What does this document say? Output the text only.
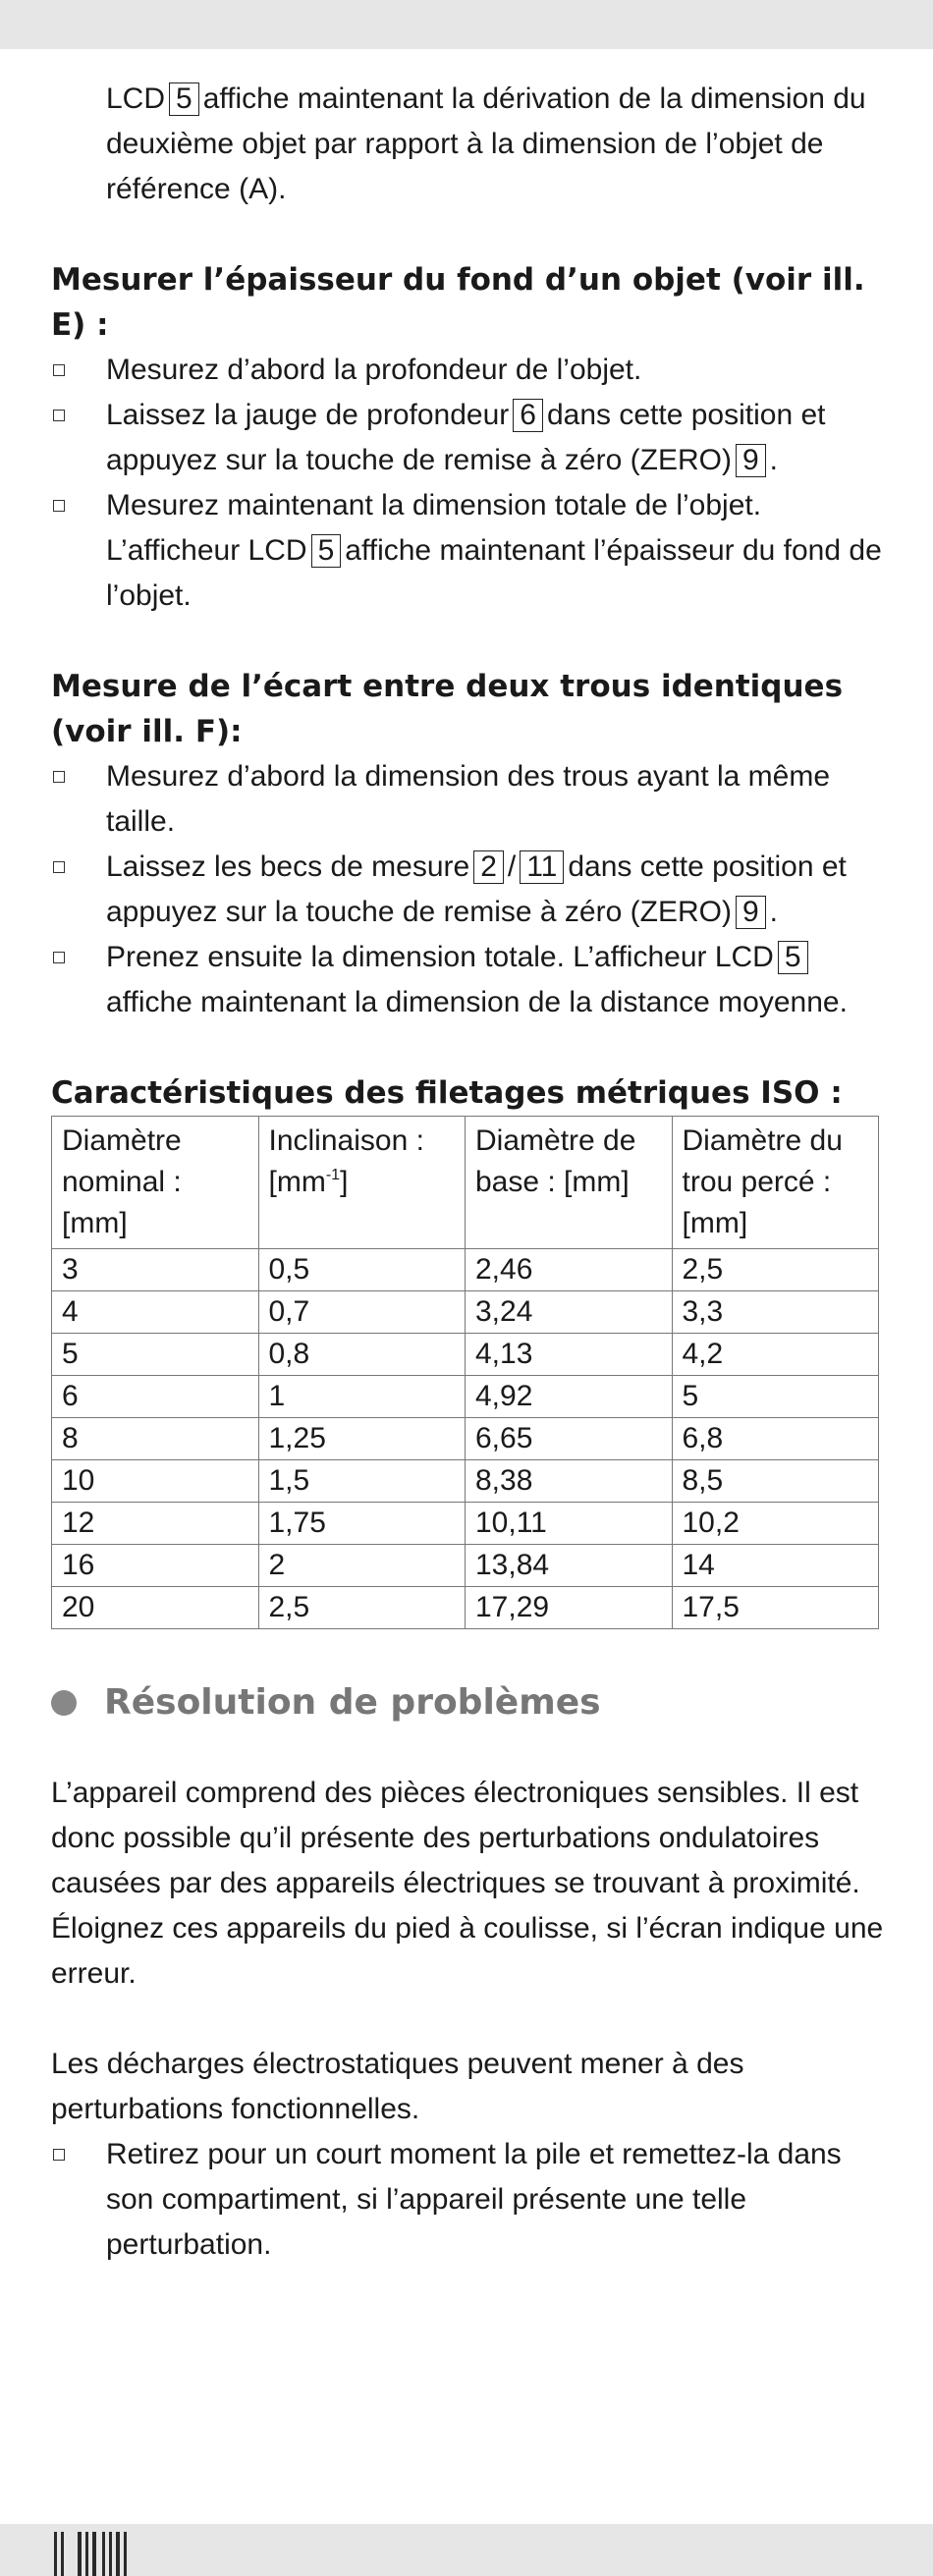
LCD 5 affiche maintenant la dérivation de la dimension du deuxième objet par rapport à la dimension de l’objet de référence (A).

Mesurer l’épaisseur du fond d’un objet (voir ill. E) :
Mesurez d’abord la profondeur de l’objet.
Laissez la jauge de profondeur 6 dans cette position et appuyez sur la touche de remise à zéro (ZERO) 9 .
Mesurez maintenant la dimension totale de l’objet. L’afficheur LCD 5 affiche maintenant l’épaisseur du fond de l’objet.
Mesure de l’écart entre deux trous identiques (voir ill. F):
Mesurez d’abord la dimension des trous ayant la même taille.
Laissez les becs de mesure 2 / 11 dans cette position et appuyez sur la touche de remise à zéro (ZERO) 9 .
Prenez ensuite la dimension totale. L’afficheur LCD 5affiche maintenant la dimension de la distance moyenne.
Caractéristiques des filetages métriques ISO :
Diamètre nominal : [mm]	Inclinaison : $[mm^{-1}]$	Diamètre de base : [mm]	Diamètre du trou percé : [mm]
3	0,5	2,46	2,5
4	0,7	3,24	3,3
5	0,8	4,13	4,2
6	1	4,92	5
8	1,25	6,65	6,8
10	1,5	8,38	8,5
12	1,75	10,11	10,2
16	2	13,84	14
20	2,5	17,29	17,5
Résolution de problèmes

L’appareil comprend des pièces électroniques sensibles. Il est donc possible qu’il présente des perturbations ondulatoires causées par des appareils électriques se trouvant à proximité. Éloignez ces appareils du pied à coulisse, si l’écran indique une erreur.

Les décharges électrostatiques peuvent mener à des perturbations fonctionnelles.

Retirez pour un court moment la pile et remettez-la dans son compartiment, si l’appareil présente une telle perturbation.
